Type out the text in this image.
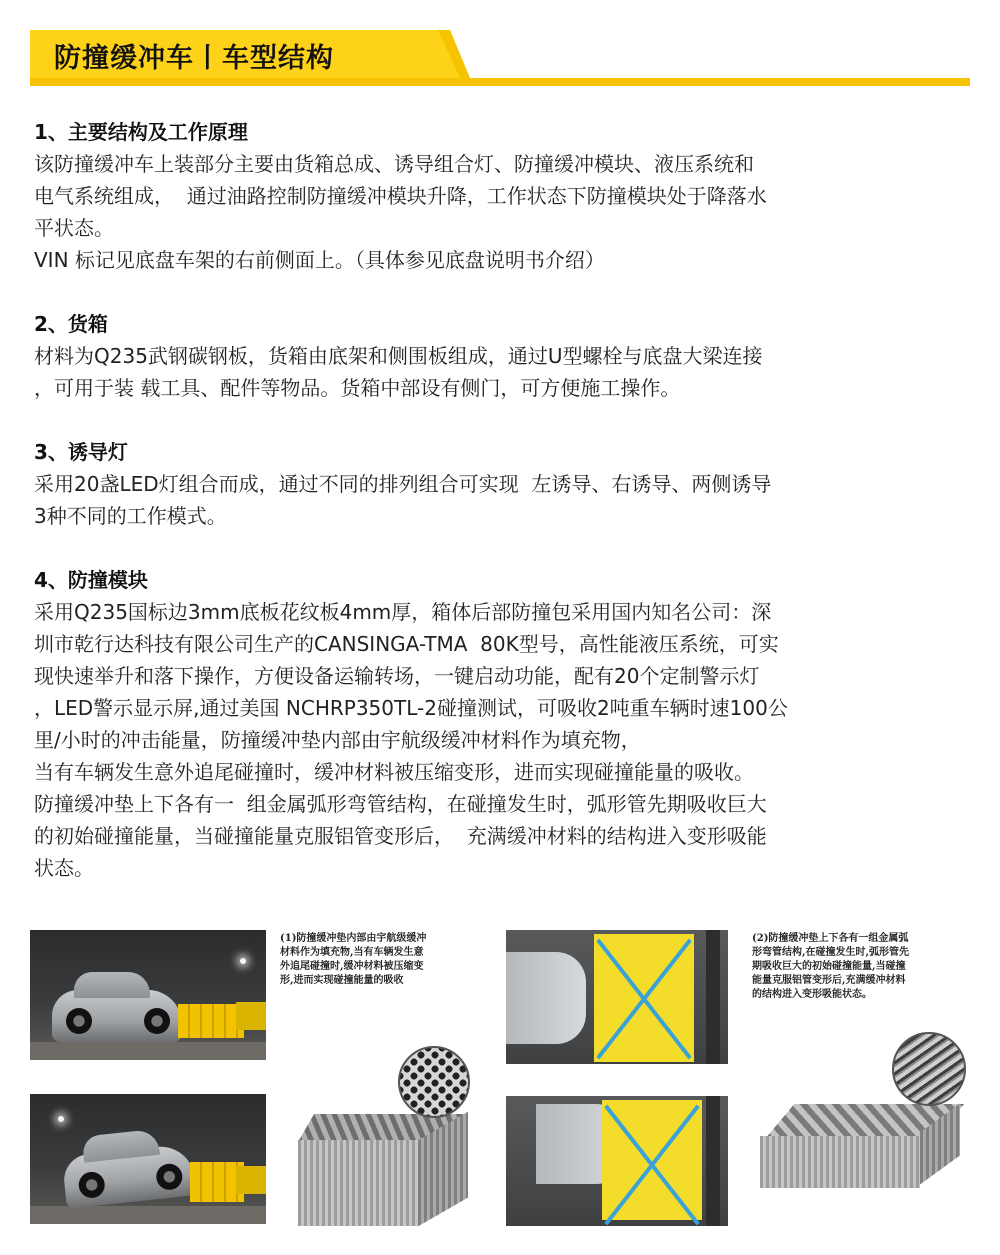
防撞缓冲车丨车型结构
1、主要结构及工作原理

该防撞缓冲车上装部分主要由货箱总成、诱导组合灯、防撞缓冲模块、液压系统和
电气系统组成，  通过油路控制防撞缓冲模块升降，工作状态下防撞模块处于降落水
平状态。
VIN 标记见底盘车架的右前侧面上。（具体参见底盘说明书介绍）

2、货箱

材料为Q235武钢碳钢板，货箱由底架和侧围板组成，通过U型螺栓与底盘大梁连接
，可用于装 载工具、配件等物品。货箱中部设有侧门，可方便施工操作。

3、诱导灯

采用20盏LED灯组合而成，通过不同的排列组合可实现  左诱导、右诱导、两侧诱导
3种不同的工作模式。

4、防撞模块

采用Q235国标边3mm底板花纹板4mm厚，箱体后部防撞包采用国内知名公司：深
圳市乾行达科技有限公司生产的CANSINGA-TMA  80K型号，高性能液压系统，可实
现快速举升和落下操作，方便设备运输转场，一键启动功能，配有20个定制警示灯
，LED警示显示屏,通过美国 NCHRP350TL-2碰撞测试，可吸收2吨重车辆时速100公
里/小时的冲击能量，防撞缓冲垫内部由宇航级缓冲材料作为填充物，
当有车辆发生意外追尾碰撞时，缓冲材料被压缩变形，进而实现碰撞能量的吸收。
防撞缓冲垫上下各有一  组金属弧形弯管结构，在碰撞发生时，弧形管先期吸收巨大
的初始碰撞能量，当碰撞能量克服铝管变形后，  充满缓冲材料的结构进入变形吸能
状态。

(1)防撞缓冲垫内部由宇航级缓冲
材料作为填充物,当有车辆发生意
外追尾碰撞时,缓冲材料被压缩变
形,进而实现碰撞能量的吸收
(2)防撞缓冲垫上下各有一组金属弧
形弯管结构,在碰撞发生时,弧形管先
期吸收巨大的初始碰撞能量,当碰撞
能量克服铝管变形后,充满缓冲材料
的结构进入变形吸能状态。
